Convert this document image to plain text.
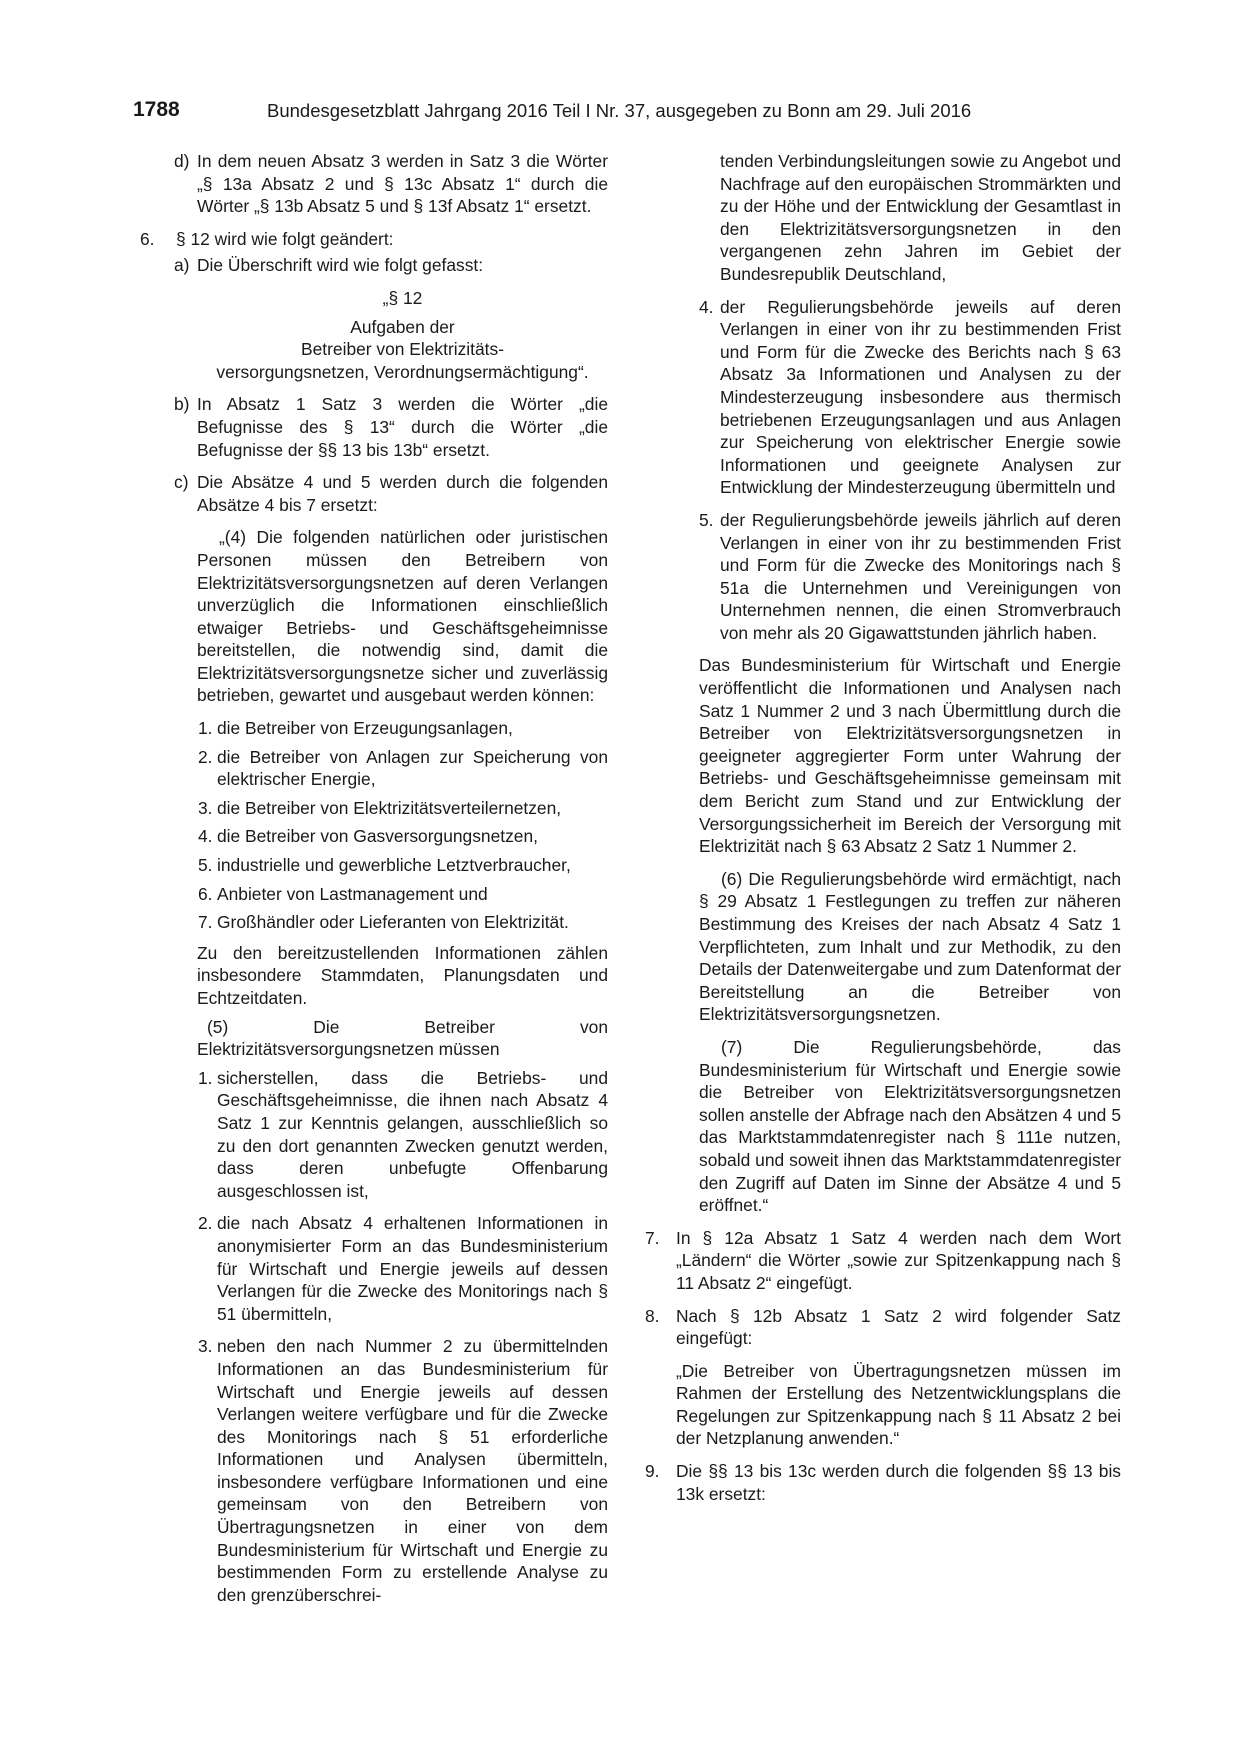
1788	Bundesgesetzblatt Jahrgang 2016 Teil I Nr. 37, ausgegeben zu Bonn am 29. Juli 2016
d) In dem neuen Absatz 3 werden in Satz 3 die Wörter „§ 13a Absatz 2 und § 13c Absatz 1“ durch die Wörter „§ 13b Absatz 5 und § 13f Absatz 1“ ersetzt.
6. § 12 wird wie folgt geändert:
a) Die Überschrift wird wie folgt gefasst:

„§ 12

Aufgaben der

Betreiber von Elektrizitäts-

versorgungsnetzen, Verordnungsermächtigung“.

b) In Absatz 1 Satz 3 werden die Wörter „die Befugnisse des § 13“ durch die Wörter „die Befugnisse der §§ 13 bis 13b“ ersetzt.
c) Die Absätze 4 und 5 werden durch die folgenden Absätze 4 bis 7 ersetzt:

„(4) Die folgenden natürlichen oder juristischen Personen müssen den Betreibern von Elektrizitätsversorgungsnetzen auf deren Verlangen unverzüglich die Informationen einschließlich etwaiger Betriebs- und Geschäftsgeheimnisse bereitstellen, die notwendig sind, damit die Elektrizitätsversorgungsnetze sicher und zuverlässig betrieben, gewartet und ausgebaut werden können:

1. die Betreiber von Erzeugungsanlagen,
2. die Betreiber von Anlagen zur Speicherung von elektrischer Energie,
3. die Betreiber von Elektrizitätsverteilernetzen,
4. die Betreiber von Gasversorgungsnetzen,
5. industrielle und gewerbliche Letztverbraucher,
6. Anbieter von Lastmanagement und
7. Großhändler oder Lieferanten von Elektrizität.

Zu den bereitzustellenden Informationen zählen insbesondere Stammdaten, Planungsdaten und Echtzeitdaten.

(5) Die Betreiber von Elektrizitätsversorgungsnetzen müssen

1. sicherstellen, dass die Betriebs- und Geschäftsgeheimnisse, die ihnen nach Absatz 4 Satz 1 zur Kenntnis gelangen, ausschließlich so zu den dort genannten Zwecken genutzt werden, dass deren unbefugte Offenbarung ausgeschlossen ist,
2. die nach Absatz 4 erhaltenen Informationen in anonymisierter Form an das Bundesministerium für Wirtschaft und Energie jeweils auf dessen Verlangen für die Zwecke des Monitorings nach § 51 übermitteln,
3. neben den nach Nummer 2 zu übermittelnden Informationen an das Bundesministerium für Wirtschaft und Energie jeweils auf dessen Verlangen weitere verfügbare und für die Zwecke des Monitorings nach § 51 erforderliche Informationen und Analysen übermitteln, insbesondere verfügbare Informationen und eine gemeinsam von den Betreibern von Übertragungsnetzen in einer von dem Bundesministerium für Wirtschaft und Energie zu bestimmenden Form zu erstellende Analyse zu den grenzüberschrei-

tenden Verbindungsleitungen sowie zu Angebot und Nachfrage auf den europäischen Strommärkten und zu der Höhe und der Entwicklung der Gesamtlast in den Elektrizitätsversorgungsnetzen in den vergangenen zehn Jahren im Gebiet der Bundesrepublik Deutschland,

4. der Regulierungsbehörde jeweils auf deren Verlangen in einer von ihr zu bestimmenden Frist und Form für die Zwecke des Berichts nach § 63 Absatz 3a Informationen und Analysen zu der Mindesterzeugung insbesondere aus thermisch betriebenen Erzeugungsanlagen und aus Anlagen zur Speicherung von elektrischer Energie sowie Informationen und geeignete Analysen zur Entwicklung der Mindesterzeugung übermitteln und
5. der Regulierungsbehörde jeweils jährlich auf deren Verlangen in einer von ihr zu bestimmenden Frist und Form für die Zwecke des Monitorings nach § 51a die Unternehmen und Vereinigungen von Unternehmen nennen, die einen Stromverbrauch von mehr als 20 Gigawattstunden jährlich haben.

Das Bundesministerium für Wirtschaft und Energie veröffentlicht die Informationen und Analysen nach Satz 1 Nummer 2 und 3 nach Übermittlung durch die Betreiber von Elektrizitätsversorgungsnetzen in geeigneter aggregierter Form unter Wahrung der Betriebs- und Geschäftsgeheimnisse gemeinsam mit dem Bericht zum Stand und zur Entwicklung der Versorgungssicherheit im Bereich der Versorgung mit Elektrizität nach § 63 Absatz 2 Satz 1 Nummer 2.

(6) Die Regulierungsbehörde wird ermächtigt, nach § 29 Absatz 1 Festlegungen zu treffen zur näheren Bestimmung des Kreises der nach Absatz 4 Satz 1 Verpflichteten, zum Inhalt und zur Methodik, zu den Details der Datenweitergabe und zum Datenformat der Bereitstellung an die Betreiber von Elektrizitätsversorgungsnetzen.

(7) Die Regulierungsbehörde, das Bundesministerium für Wirtschaft und Energie sowie die Betreiber von Elektrizitätsversorgungsnetzen sollen anstelle der Abfrage nach den Absätzen 4 und 5 das Marktstammdatenregister nach § 111e nutzen, sobald und soweit ihnen das Marktstammdatenregister den Zugriff auf Daten im Sinne der Absätze 4 und 5 eröffnet.“

7. In § 12a Absatz 1 Satz 4 werden nach dem Wort „Ländern“ die Wörter „sowie zur Spitzenkappung nach § 11 Absatz 2“ eingefügt.
8. Nach § 12b Absatz 1 Satz 2 wird folgender Satz eingefügt:

„Die Betreiber von Übertragungsnetzen müssen im Rahmen der Erstellung des Netzentwicklungsplans die Regelungen zur Spitzenkappung nach § 11 Absatz 2 bei der Netzplanung anwenden.“

9. Die §§ 13 bis 13c werden durch die folgenden §§ 13 bis 13k ersetzt:
